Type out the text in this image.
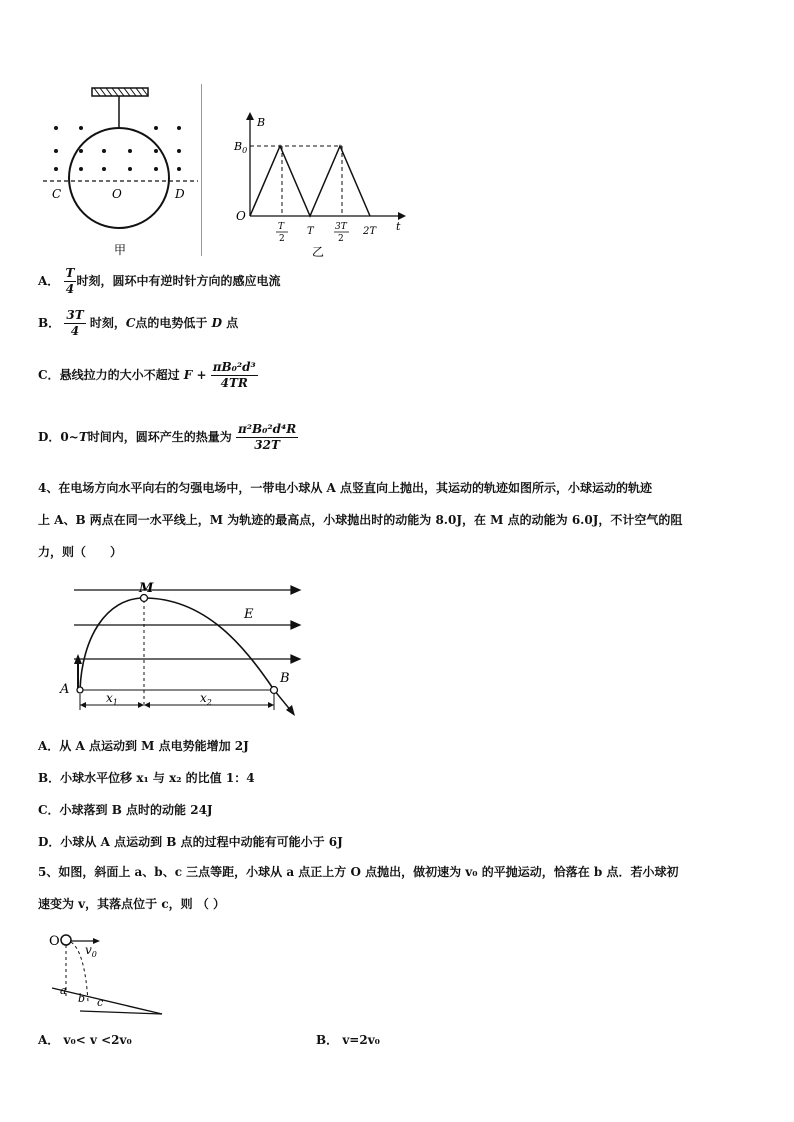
C	O	D
甲
B
$B_0$
O
t
T
2
T 3T
2
2T
乙
A． $\frac{T}{4}$ 时刻，圆环中有逆时针方向的感应电流
B． $\frac{3T}{4}$ 时刻，C点的电势低于 D 点
C．悬线拉力的大小不超过 $F + \frac{\text{πB₀²d³}}{4TR}$
D．0~T时间内，圆环产生的热量为 $\frac{\text{π²B₀²d⁴R}}{32T}$
4、在电场方向水平向右的匀强电场中，一带电小球从 A 点竖直向上抛出，其运动的轨迹如图所示，小球运动的轨迹
上 A、B 两点在同一水平线上，M 为轨迹的最高点，小球抛出时的动能为 8.0J，在 M 点的动能为 6.0J，不计空气的阻
力，则（　　）
M
E
A
B
$x_1$	$x_2$
A．从 A 点运动到 M 点电势能增加 2J
B．小球水平位移 x₁ 与 x₂ 的比值 1：4
C．小球落到 B 点时的动能 24J
D．小球从 A 点运动到 B 点的过程中动能有可能小于 6J
5、如图，斜面上 a、b、c 三点等距，小球从 a 点正上方 O 点抛出，做初速为 v₀ 的平抛运动，恰落在 b 点．若小球初
速变为 v，其落点位于 c，则 （ ）
O
$v_0$
a
b c
A． v₀< v <2v₀	B． v=2v₀
